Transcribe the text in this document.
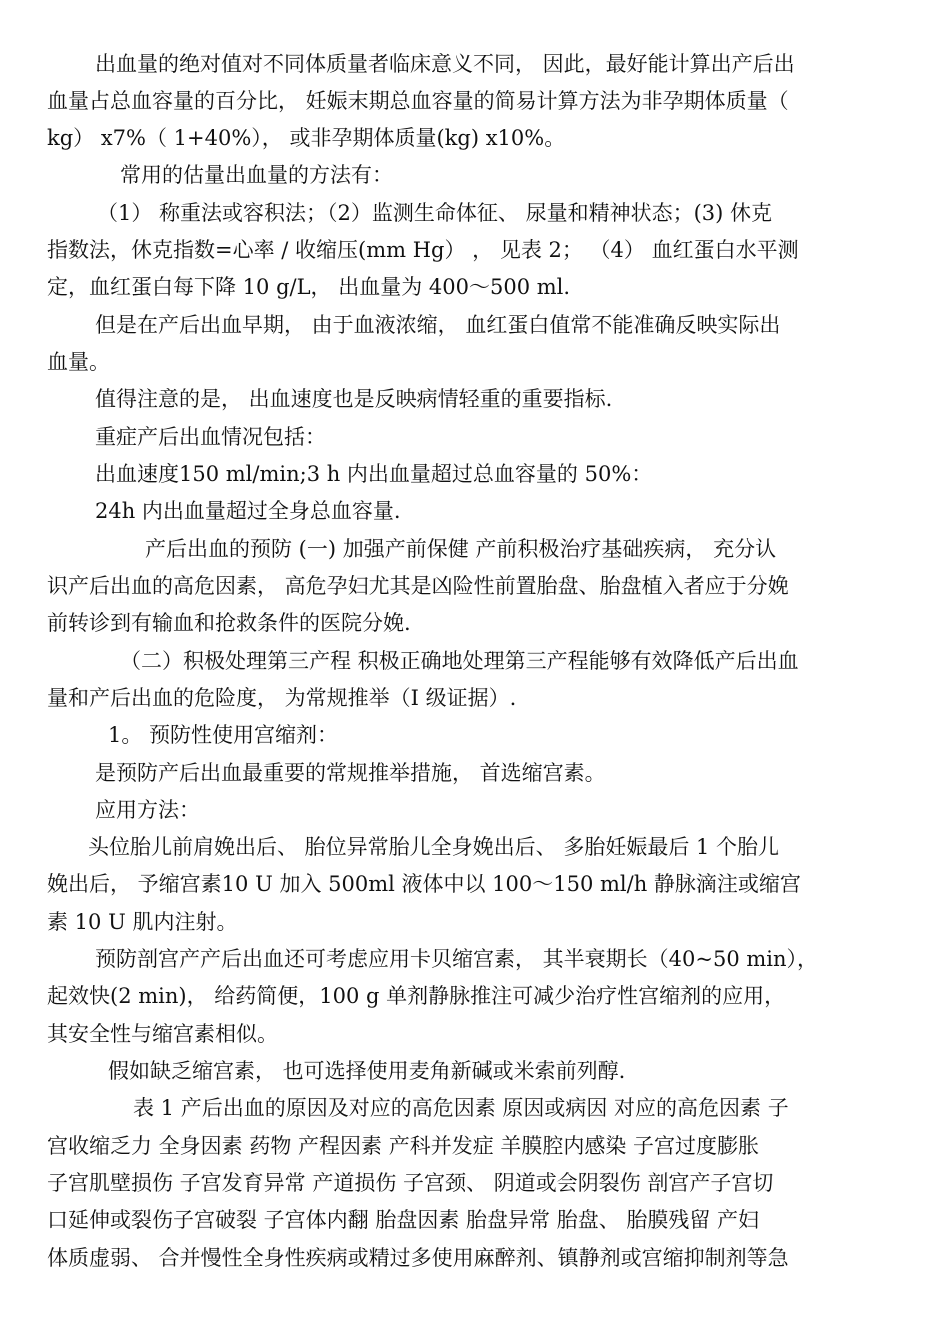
出血量的绝对值对不同体质量者临床意义不同， 因此，最好能计算出产后出
血量占总血容量的百分比， 妊娠末期总血容量的简易计算方法为非孕期体质量（
kg） x7%（ 1+40%）， 或非孕期体质量(kg) x10%。
常用的估量出血量的方法有：
（1） 称重法或容积法；（2）监测生命体征、 尿量和精神状态；(3) 休克
指数法，休克指数=心率 / 收缩压(mm Hg） ， 见表 2； （4） 血红蛋白水平测
定，血红蛋白每下降 10 g/L， 出血量为 400～500 ml.
但是在产后出血早期， 由于血液浓缩， 血红蛋白值常不能准确反映实际出
血量。
值得注意的是， 出血速度也是反映病情轻重的重要指标.
重症产后出血情况包括：
出血速度150 ml/min;3 h 内出血量超过总血容量的 50%：
24h 内出血量超过全身总血容量.
产后出血的预防 (一) 加强产前保健 产前积极治疗基础疾病， 充分认
识产后出血的高危因素， 高危孕妇尤其是凶险性前置胎盘、胎盘植入者应于分娩
前转诊到有输血和抢救条件的医院分娩.
（二）积极处理第三产程 积极正确地处理第三产程能够有效降低产后出血
量和产后出血的危险度， 为常规推举（I 级证据）.
1。 预防性使用宫缩剂：
是预防产后出血最重要的常规推举措施， 首选缩宫素。
应用方法：
头位胎儿前肩娩出后、 胎位异常胎儿全身娩出后、 多胎妊娠最后 1 个胎儿
娩出后， 予缩宫素10 U 加入 500ml 液体中以 100～150 ml/h 静脉滴注或缩宫
素 10 U 肌内注射。
预防剖宫产产后出血还可考虑应用卡贝缩宫素， 其半衰期长（40~50 min），
起效快(2 min)， 给药简便，100 g 单剂静脉推注可减少治疗性宫缩剂的应用，
其安全性与缩宫素相似。
假如缺乏缩宫素， 也可选择使用麦角新碱或米索前列醇.
表 1 产后出血的原因及对应的高危因素 原因或病因 对应的高危因素 子
宫收缩乏力 全身因素 药物 产程因素 产科并发症 羊膜腔内感染 子宫过度膨胀
子宫肌壁损伤 子宫发育异常 产道损伤 子宫颈、 阴道或会阴裂伤 剖宫产子宫切
口延伸或裂伤子宫破裂 子宫体内翻 胎盘因素 胎盘异常 胎盘、 胎膜残留 产妇
体质虚弱、 合并慢性全身性疾病或精过多使用麻醉剂、镇静剂或宫缩抑制剂等急
